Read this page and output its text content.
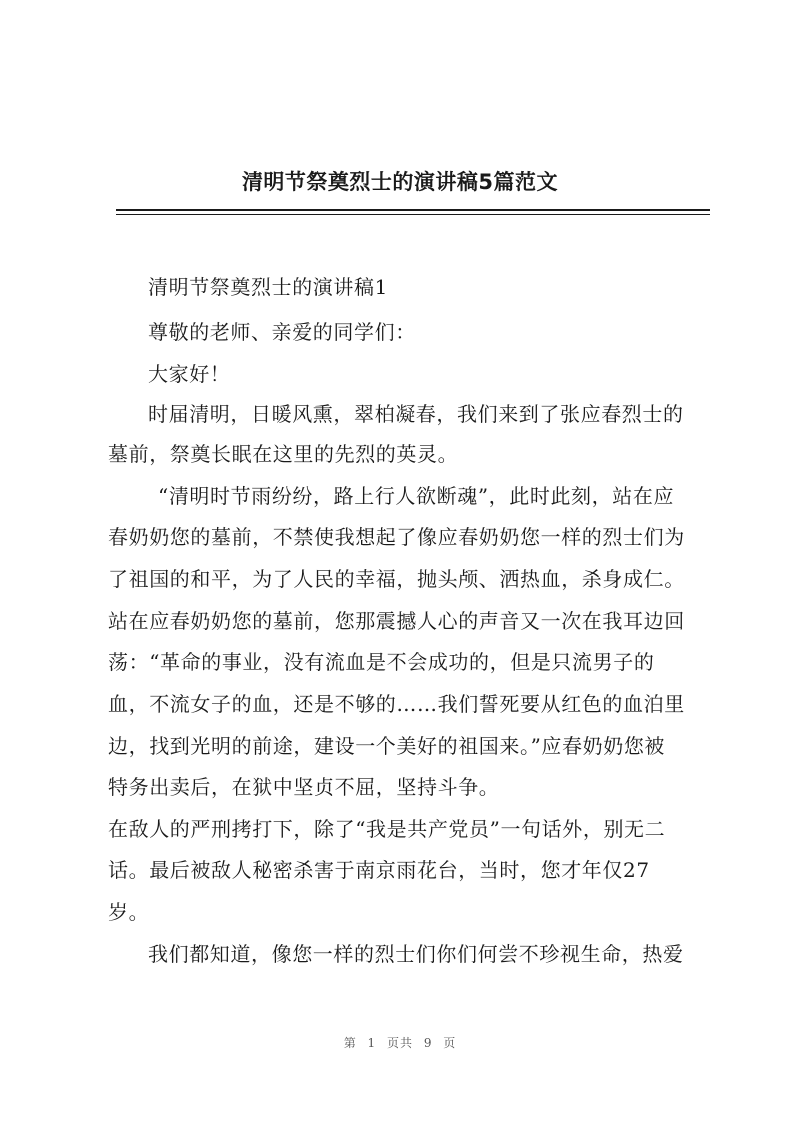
清明节祭奠烈士的演讲稿5篇范文
清明节祭奠烈士的演讲稿1
尊敬的老师、亲爱的同学们：
大家好！
时届清明，日暖风熏，翠柏凝春，我们来到了张应春烈士的
墓前，祭奠长眠在这里的先烈的英灵。
“清明时节雨纷纷，路上行人欲断魂”，此时此刻，站在应
春奶奶您的墓前，不禁使我想起了像应春奶奶您一样的烈士们为
了祖国的和平，为了人民的幸福，抛头颅、洒热血，杀身成仁。
站在应春奶奶您的墓前，您那震撼人心的声音又一次在我耳边回
荡：“革命的事业，没有流血是不会成功的，但是只流男子的
血，不流女子的血，还是不够的……我们誓死要从红色的血泊里
边，找到光明的前途，建设一个美好的祖国来。”应春奶奶您被
特务出卖后，在狱中坚贞不屈，坚持斗争。
在敌人的严刑拷打下，除了“我是共产党员”一句话外，别无二
话。最后被敌人秘密杀害于南京雨花台，当时，您才年仅27
岁。
我们都知道，像您一样的烈士们你们何尝不珍视生命，热爱
第 1 页共 9 页
